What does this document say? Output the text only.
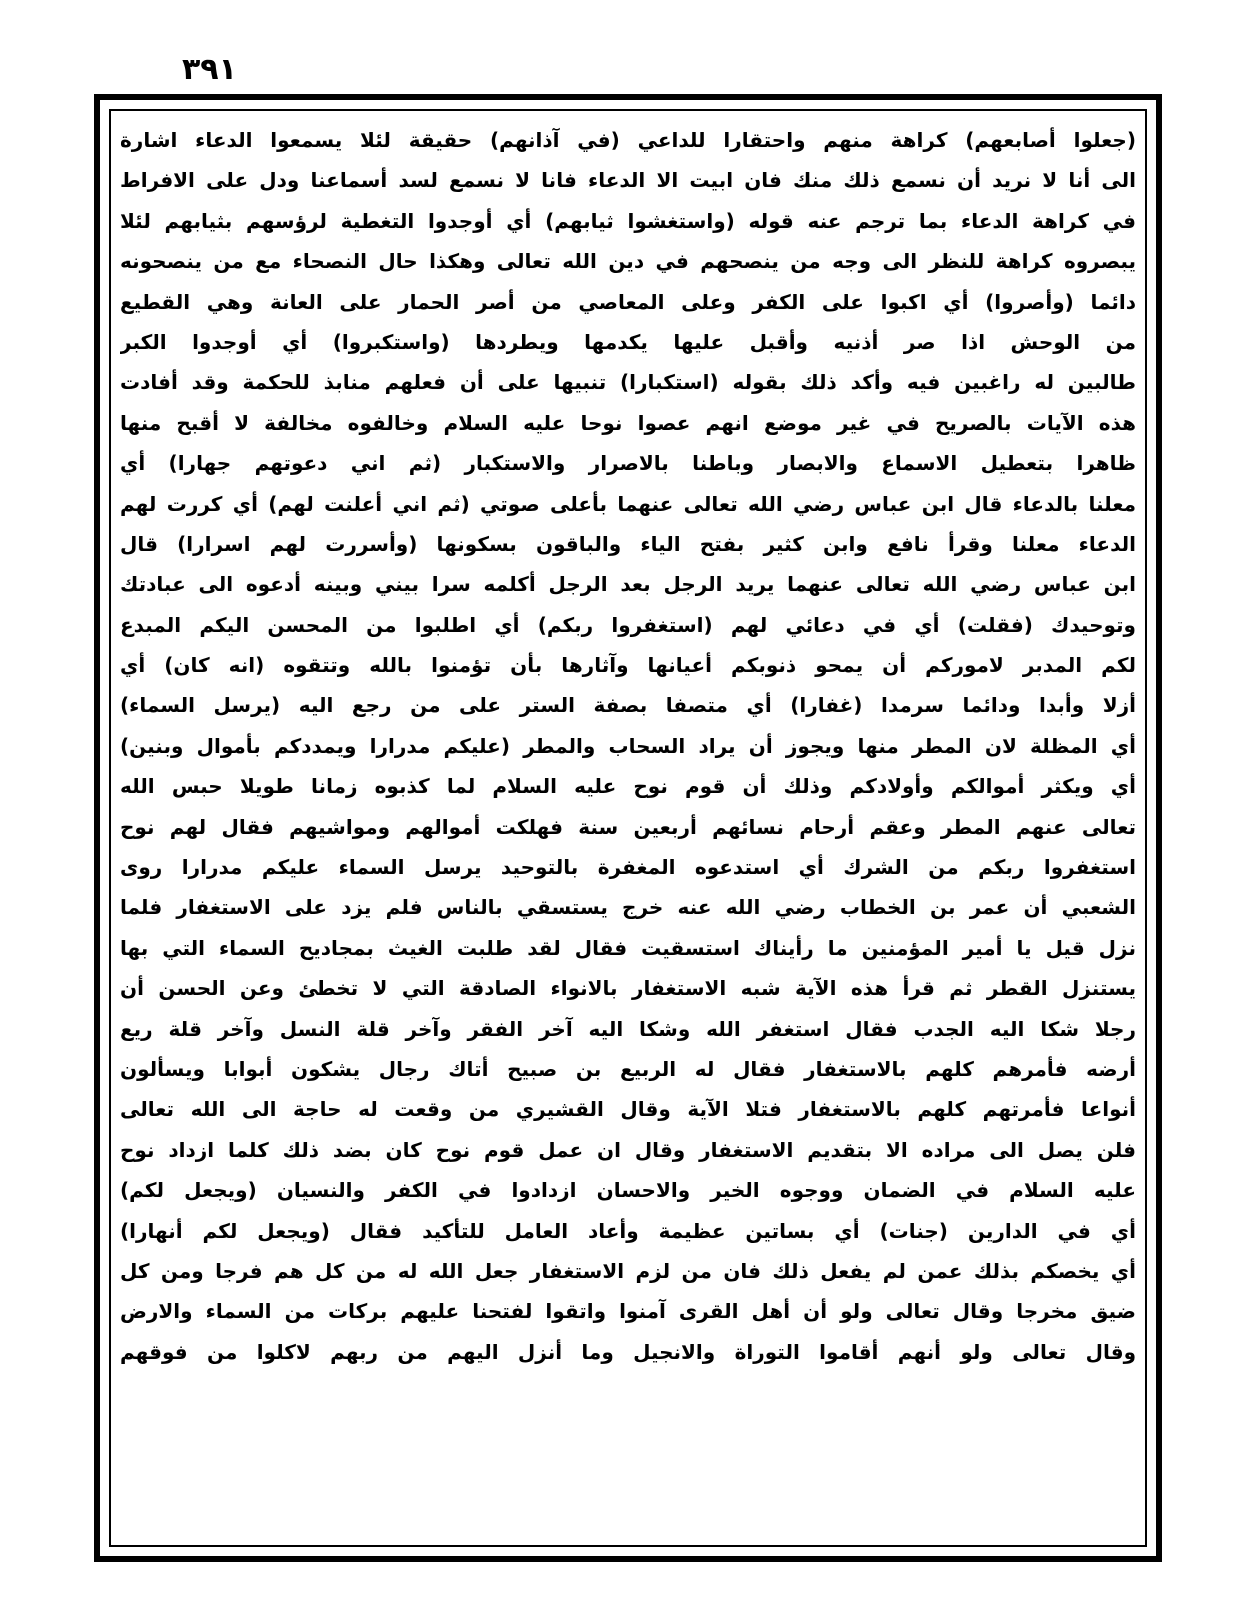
٣٩١
(جعلوا أصابعهم) كراهة منهم واحتقارا للداعي (في آذانهم) حقيقة لئلا يسمعوا الدعاء اشارة
الى أنا لا نريد أن نسمع ذلك منك فان ابيت الا الدعاء فانا لا نسمع لسد أسماعنا ودل على الافراط
في كراهة الدعاء بما ترجم عنه قوله (واستغشوا ثيابهم) أي أوجدوا التغطية لرؤسهم بثيابهم لئلا
يبصروه كراهة للنظر الى وجه من ينصحهم في دين الله تعالى وهكذا حال النصحاء مع من ينصحونه
دائما (وأصروا) أي اكبوا على الكفر وعلى المعاصي من أصر الحمار على العانة وهي القطيع
من الوحش اذا صر أذنيه وأقبل عليها يكدمها ويطردها (واستكبروا) أي أوجدوا الكبر
طالبين له راغبين فيه وأكد ذلك بقوله (استكبارا) تنبيها على أن فعلهم منابذ للحكمة وقد أفادت
هذه الآيات بالصريح في غير موضع انهم عصوا نوحا عليه السلام وخالفوه مخالفة لا أقبح منها
ظاهرا بتعطيل الاسماع والابصار وباطنا بالاصرار والاستكبار (ثم اني دعوتهم جهارا) أي
معلنا بالدعاء قال ابن عباس رضي الله تعالى عنهما بأعلى صوتي (ثم اني أعلنت لهم) أي كررت لهم
الدعاء معلنا وقرأ نافع وابن كثير بفتح الياء والباقون بسكونها (وأسررت لهم اسرارا) قال
ابن عباس رضي الله تعالى عنهما يريد الرجل بعد الرجل أكلمه سرا بيني وبينه أدعوه الى عبادتك
وتوحيدك (فقلت) أي في دعائي لهم (استغفروا ربكم) أي اطلبوا من المحسن اليكم المبدع
لكم المدبر لاموركم أن يمحو ذنوبكم أعيانها وآثارها بأن تؤمنوا بالله وتتقوه (انه كان) أي
أزلا وأبدا ودائما سرمدا (غفارا) أي متصفا بصفة الستر على من رجع اليه (يرسل السماء)
أي المظلة لان المطر منها ويجوز أن يراد السحاب والمطر (عليكم مدرارا ويمددكم بأموال وبنين)
أي ويكثر أموالكم وأولادكم وذلك أن قوم نوح عليه السلام لما كذبوه زمانا طويلا حبس الله
تعالى عنهم المطر وعقم أرحام نسائهم أربعين سنة فهلكت أموالهم ومواشيهم فقال لهم نوح
استغفروا ربكم من الشرك أي استدعوه المغفرة بالتوحيد يرسل السماء عليكم مدرارا روى
الشعبي أن عمر بن الخطاب رضي الله عنه خرج يستسقي بالناس فلم يزد على الاستغفار فلما
نزل قيل يا أمير المؤمنين ما رأيناك استسقيت فقال لقد طلبت الغيث بمجاديح السماء التي بها
يستنزل القطر ثم قرأ هذه الآية شبه الاستغفار بالانواء الصادقة التي لا تخطئ وعن الحسن أن
رجلا شكا اليه الجدب فقال استغفر الله وشكا اليه آخر الفقر وآخر قلة النسل وآخر قلة ريع
أرضه فأمرهم كلهم بالاستغفار فقال له الربيع بن صبيح أتاك رجال يشكون أبوابا ويسألون
أنواعا فأمرتهم كلهم بالاستغفار فتلا الآية وقال القشيري من وقعت له حاجة الى الله تعالى
فلن يصل الى مراده الا بتقديم الاستغفار وقال ان عمل قوم نوح كان بضد ذلك كلما ازداد نوح
عليه السلام في الضمان ووجوه الخير والاحسان ازدادوا في الكفر والنسيان (ويجعل لكم)
أي في الدارين (جنات) أي بساتين عظيمة وأعاد العامل للتأكيد فقال (ويجعل لكم أنهارا)
أي يخصكم بذلك عمن لم يفعل ذلك فان من لزم الاستغفار جعل الله له من كل هم فرجا ومن كل
ضيق مخرجا وقال تعالى ولو أن أهل القرى آمنوا واتقوا لفتحنا عليهم بركات من السماء والارض
وقال تعالى ولو أنهم أقاموا التوراة والانجيل وما أنزل اليهم من ربهم لاكلوا من فوقهم
